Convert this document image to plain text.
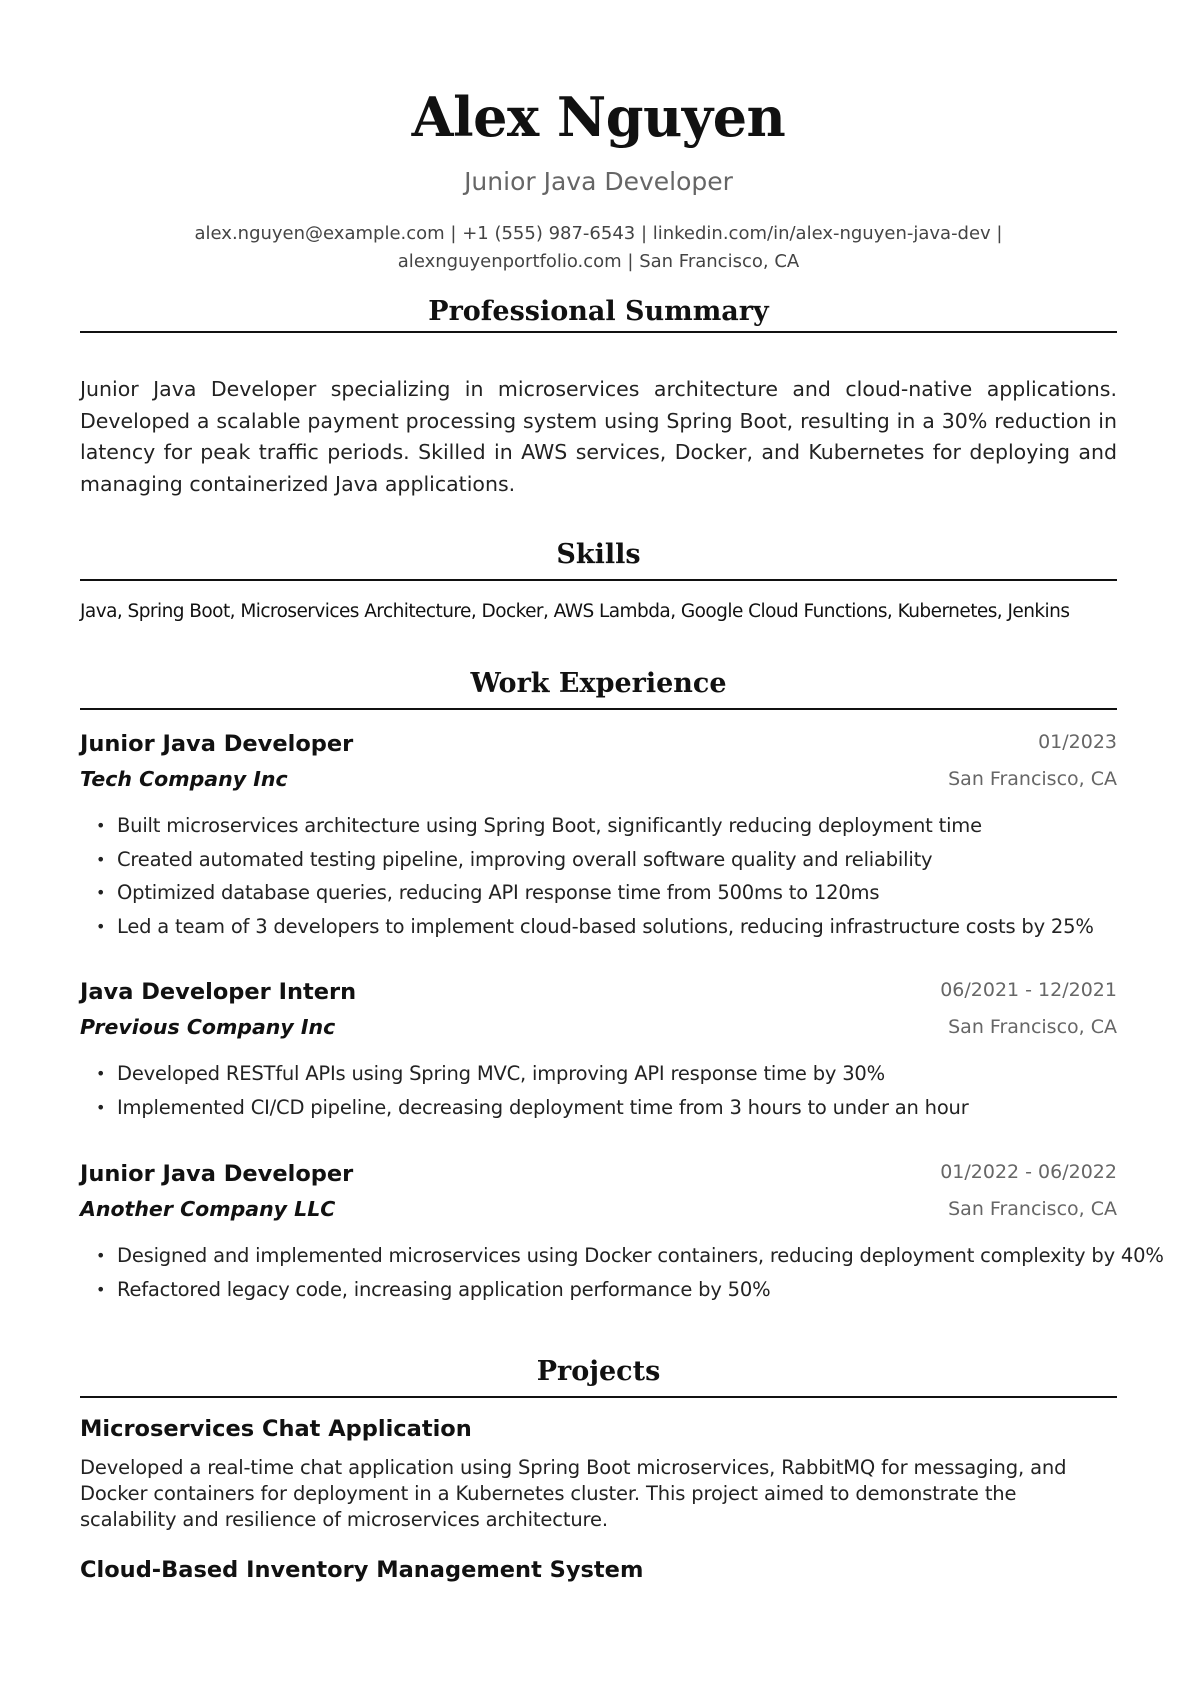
Alex Nguyen
Junior Java Developer
alex.nguyen@example.com | +1 (555) 987-6543 | linkedin.com/in/alex-nguyen-java-dev |
alexnguyenportfolio.com | San Francisco, CA
Professional Summary
Junior Java Developer specializing in microservices architecture and cloud-native applications. Developed a scalable payment processing system using Spring Boot, resulting in a 30% reduction in latency for peak traffic periods. Skilled in AWS services, Docker, and Kubernetes for deploying and managing containerized Java applications.
Skills
Java, Spring Boot, Microservices Architecture, Docker, AWS Lambda, Google Cloud Functions, Kubernetes, Jenkins
Work Experience
Junior Java Developer	01/2023
Tech Company Inc	San Francisco, CA
• Built microservices architecture using Spring Boot, significantly reducing deployment time
• Created automated testing pipeline, improving overall software quality and reliability
• Optimized database queries, reducing API response time from 500ms to 120ms
• Led a team of 3 developers to implement cloud-based solutions, reducing infrastructure costs by 25%
Java Developer Intern	06/2021 - 12/2021
Previous Company Inc	San Francisco, CA
• Developed RESTful APIs using Spring MVC, improving API response time by 30%
• Implemented CI/CD pipeline, decreasing deployment time from 3 hours to under an hour
Junior Java Developer	01/2022 - 06/2022
Another Company LLC	San Francisco, CA
• Designed and implemented microservices using Docker containers, reducing deployment complexity by 40%
• Refactored legacy code, increasing application performance by 50%
Projects
Microservices Chat Application
Developed a real-time chat application using Spring Boot microservices, RabbitMQ for messaging, and Docker containers for deployment in a Kubernetes cluster. This project aimed to demonstrate the scalability and resilience of microservices architecture.
Cloud-Based Inventory Management System
